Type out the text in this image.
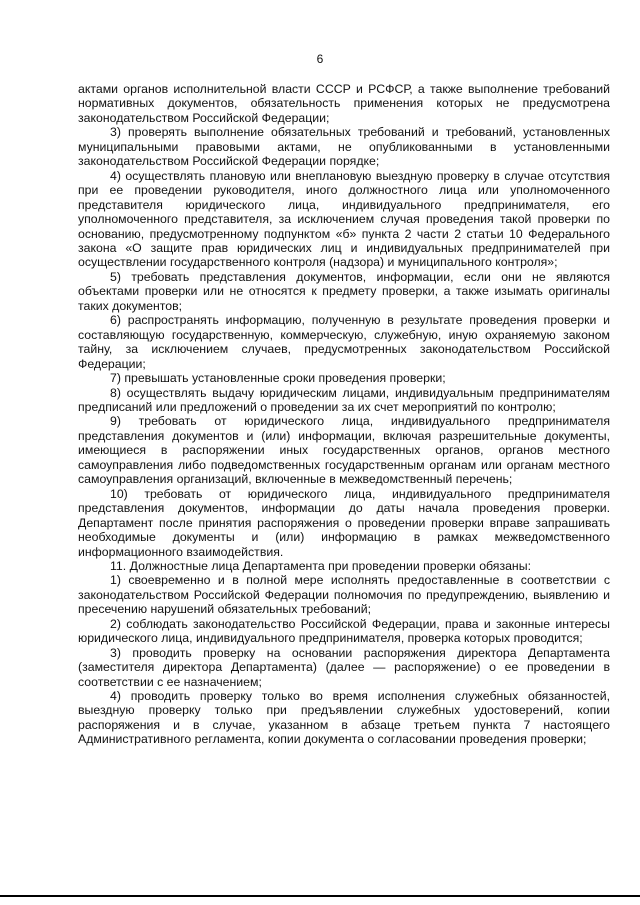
6

актами органов исполнительной власти СССР и РСФСР, а также выполнение требований нормативных документов, обязательность применения которых не предусмотрена законодательством Российской Федерации;

3) проверять выполнение обязательных требований и требований, установленных муниципальными правовыми актами, не опубликованными в установленными законодательством Российской Федерации порядке;

4) осуществлять плановую или внеплановую выездную проверку в случае отсутствия при ее проведении руководителя, иного должностного лица или уполномоченного представителя юридического лица, индивидуального предпринимателя, его уполномоченного представителя, за исключением случая проведения такой проверки по основанию, предусмотренному подпунктом «б» пункта 2 части 2 статьи 10 Федерального закона «О защите прав юридических лиц и индивидуальных предпринимателей при осуществлении государственного контроля (надзора) и муниципального контроля»;

5) требовать представления документов, информации, если они не являются объектами проверки или не относятся к предмету проверки, а также изымать оригиналы таких документов;

6) распространять информацию, полученную в результате проведения проверки и составляющую государственную, коммерческую, служебную, иную охраняемую законом тайну, за исключением случаев, предусмотренных законодательством Российской Федерации;

7) превышать установленные сроки проведения проверки;

8) осуществлять выдачу юридическим лицами, индивидуальным предпринимателям предписаний или предложений о проведении за их счет мероприятий по контролю;

9) требовать от юридического лица, индивидуального предпринимателя представления документов и (или) информации, включая разрешительные документы, имеющиеся в распоряжении иных государственных органов, органов местного самоуправления либо подведомственных государственным органам или органам местного самоуправления организаций, включенные в межведомственный перечень;

10) требовать от юридического лица, индивидуального предпринимателя представления документов, информации до даты начала проведения проверки. Департамент после принятия распоряжения о проведении проверки вправе запрашивать необходимые документы и (или) информацию в рамках межведомственного информационного взаимодействия.

11. Должностные лица Департамента при проведении проверки обязаны:

1) своевременно и в полной мере исполнять предоставленные в соответствии с законодательством Российской Федерации полномочия по предупреждению, выявлению и пресечению нарушений обязательных требований;

2) соблюдать законодательство Российской Федерации, права и законные интересы юридического лица, индивидуального предпринимателя, проверка которых проводится;

3) проводить проверку на основании распоряжения директора Департамента (заместителя директора Департамента) (далее — распоряжение) о ее проведении в соответствии с ее назначением;

4) проводить проверку только во время исполнения служебных обязанностей, выездную проверку только при предъявлении служебных удостоверений, копии распоряжения и в случае, указанном в абзаце третьем пункта 7 настоящего Административного регламента, копии документа о согласовании проведения проверки;
